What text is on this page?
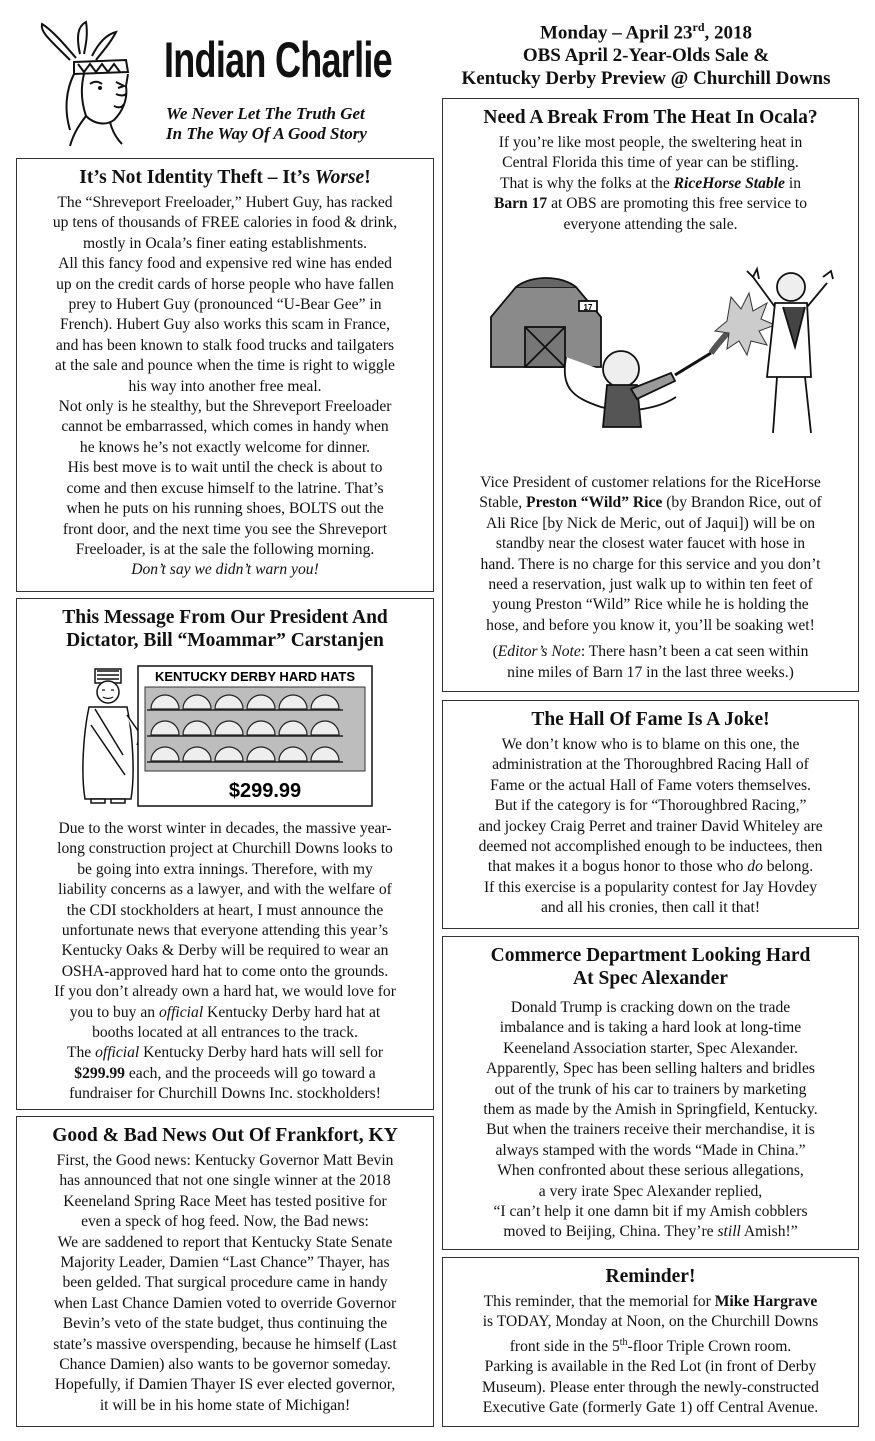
Indian Charlie
We Never Let The Truth Get
In The Way Of A Good Story
Monday – April 23rd, 2018
OBS April 2-Year-Olds Sale &
Kentucky Derby Preview @ Churchill Downs
It’s Not Identity Theft – It’s Worse!

The “Shreveport Freeloader,” Hubert Guy, has racked

up tens of thousands of FREE calories in food & drink,

mostly in Ocala’s finer eating establishments.

All this fancy food and expensive red wine has ended

up on the credit cards of horse people who have fallen

prey to Hubert Guy (pronounced “U-Bear Gee” in

French). Hubert Guy also works this scam in France,

and has been known to stalk food trucks and tailgaters

at the sale and pounce when the time is right to wiggle

his way into another free meal.

Not only is he stealthy, but the Shreveport Freeloader

cannot be embarrassed, which comes in handy when

he knows he’s not exactly welcome for dinner.

His best move is to wait until the check is about to

come and then excuse himself to the latrine. That’s

when he puts on his running shoes, BOLTS out the

front door, and the next time you see the Shreveport

Freeloader, is at the sale the following morning.

Don’t say we didn’t warn you!

This Message From Our President And
Dictator, Bill “Moammar” Carstanjen
KENTUCKY DERBY HARD HATS
$299.99

Due to the worst winter in decades, the massive year-

long construction project at Churchill Downs looks to

be going into extra innings. Therefore, with my

liability concerns as a lawyer, and with the welfare of

the CDI stockholders at heart, I must announce the

unfortunate news that everyone attending this year’s

Kentucky Oaks & Derby will be required to wear an

OSHA-approved hard hat to come onto the grounds.

If you don’t already own a hard hat, we would love for

you to buy an official Kentucky Derby hard hat at

booths located at all entrances to the track.

The official Kentucky Derby hard hats will sell for

$299.99 each, and the proceeds will go toward a

fundraiser for Churchill Downs Inc. stockholders!

Good & Bad News Out Of Frankfort, KY

First, the Good news: Kentucky Governor Matt Bevin

has announced that not one single winner at the 2018

Keeneland Spring Race Meet has tested positive for

even a speck of hog feed. Now, the Bad news:

We are saddened to report that Kentucky State Senate

Majority Leader, Damien “Last Chance” Thayer, has

been gelded. That surgical procedure came in handy

when Last Chance Damien voted to override Governor

Bevin’s veto of the state budget, thus continuing the

state’s massive overspending, because he himself (Last

Chance Damien) also wants to be governor someday.

Hopefully, if Damien Thayer IS ever elected governor,

it will be in his home state of Michigan!

Need A Break From The Heat In Ocala?

If you’re like most people, the sweltering heat in

Central Florida this time of year can be stifling.

That is why the folks at the RiceHorse Stable in

Barn 17 at OBS are promoting this free service to

everyone attending the sale.

17

Vice President of customer relations for the RiceHorse

Stable, Preston “Wild” Rice (by Brandon Rice, out of

Ali Rice [by Nick de Meric, out of Jaqui]) will be on

standby near the closest water faucet with hose in

hand. There is no charge for this service and you don’t

need a reservation, just walk up to within ten feet of

young Preston “Wild” Rice while he is holding the

hose, and before you know it, you’ll be soaking wet!

(Editor’s Note: There hasn’t been a cat seen within

nine miles of Barn 17 in the last three weeks.)

The Hall Of Fame Is A Joke!

We don’t know who is to blame on this one, the

administration at the Thoroughbred Racing Hall of

Fame or the actual Hall of Fame voters themselves.

But if the category is for “Thoroughbred Racing,”

and jockey Craig Perret and trainer David Whiteley are

deemed not accomplished enough to be inductees, then

that makes it a bogus honor to those who do belong.

If this exercise is a popularity contest for Jay Hovdey

and all his cronies, then call it that!

Commerce Department Looking Hard
At Spec Alexander

Donald Trump is cracking down on the trade

imbalance and is taking a hard look at long-time

Keeneland Association starter, Spec Alexander.

Apparently, Spec has been selling halters and bridles

out of the trunk of his car to trainers by marketing

them as made by the Amish in Springfield, Kentucky.

But when the trainers receive their merchandise, it is

always stamped with the words “Made in China.”

When confronted about these serious allegations,

a very irate Spec Alexander replied,

“I can’t help it one damn bit if my Amish cobblers

moved to Beijing, China. They’re still Amish!”

Reminder!

This reminder, that the memorial for Mike Hargrave

is TODAY, Monday at Noon, on the Churchill Downs

front side in the 5th-floor Triple Crown room.

Parking is available in the Red Lot (in front of Derby

Museum). Please enter through the newly-constructed

Executive Gate (formerly Gate 1) off Central Avenue.
